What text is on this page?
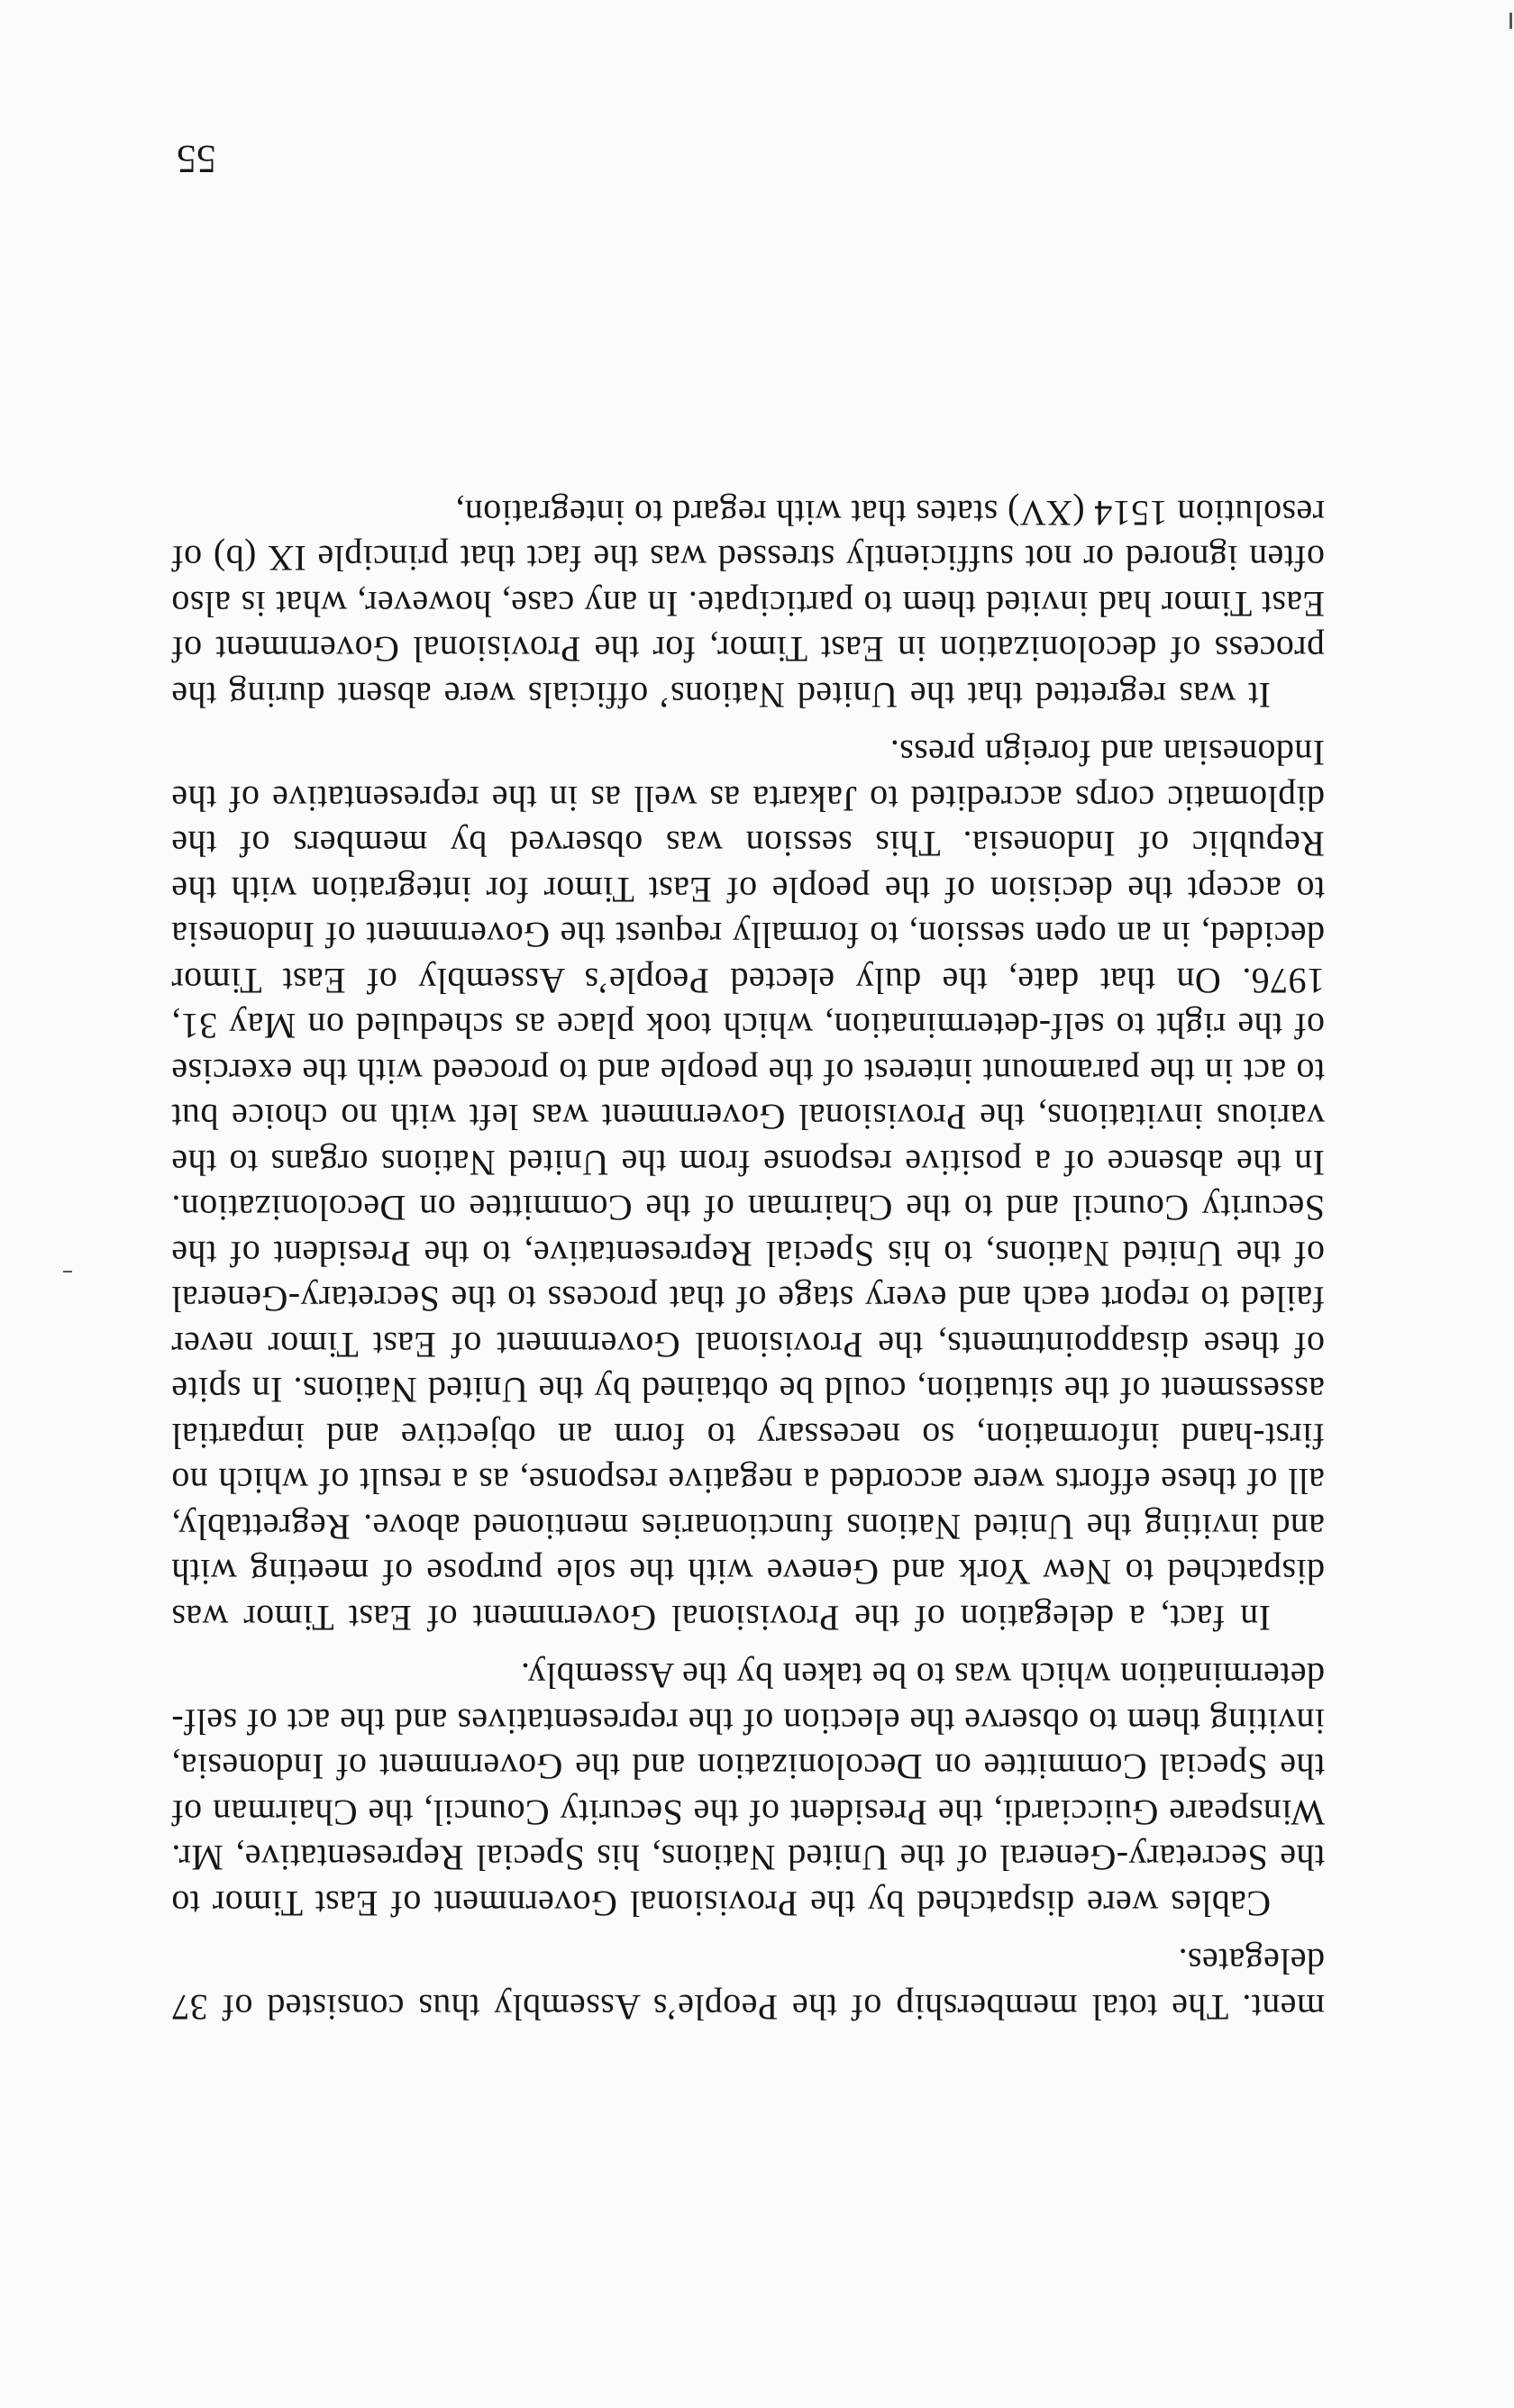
ment. The total membership of the People’s Assembly thus consisted of 37 delegates.

Cables were dispatched by the Provisional Government of East Timor to the Secretary-General of the United Nations, his Special Representative, Mr. Winspeare Guicciardi, the President of the Security Council, the Chairman of the Special Committee on Decolonization and the Government of Indonesia, inviting them to observe the election of the representatives and the act of self-determination which was to be taken by the Assembly.

In fact, a delegation of the Provisional Government of East Timor was dispatched to New York and Geneve with the sole purpose of meeting with and inviting the United Nations functionaries mentioned above. Regrettably, all of these efforts were accorded a negative response, as a result of which no first-hand information, so necessary to form an objective and impartial assessment of the situation, could be obtained by the United Nations. In spite of these disappointments, the Provisional Government of East Timor never failed to report each and every stage of that process to the Secretary-General of the United Nations, to his Special Representative, to the President of the Security Council and to the Chairman of the Committee on Decolonization. In the absence of a positive response from the United Nations organs to the various invitations, the Provisional Government was left with no choice but to act in the paramount interest of the people and to proceed with the exercise of the right to self-determination, which took place as scheduled on May 31, 1976. On that date, the duly elected People’s Assembly of East Timor decided, in an open session, to formally request the Government of Indonesia to accept the decision of the people of East Timor for integration with the Republic of Indonesia. This session was observed by members of the diplomatic corps accredited to Jakarta as well as in the representative of the Indonesian and foreign press.

It was regretted that the United Nations’ officials were absent during the process of decolonization in East Timor, for the Provisional Government of East Timor had invited them to participate. In any case, however, what is also often ignored or not sufficiently stressed was the fact that principle IX (b) of resolution 1514 (XV) states that with regard to integration,

55
